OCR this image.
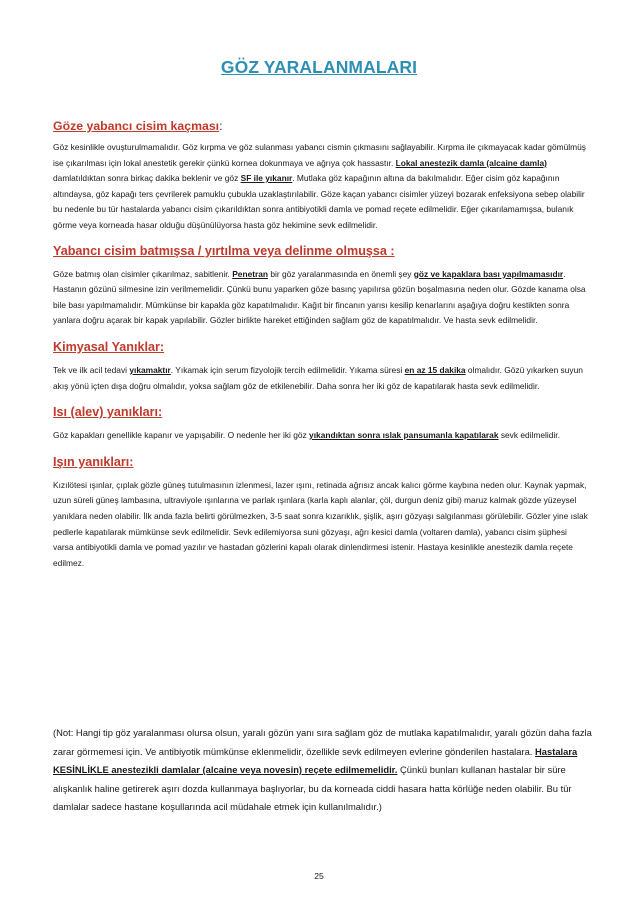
GÖZ YARALANMALARI
Göze yabancı cisim kaçması:

Göz kesinlikle ovuşturulmamalıdır. Göz kırpma ve göz sulanması yabancı cismin çıkmasını sağlayabilir. Kırpma ile çıkmayacak kadar gömülmüş ise çıkarılması için lokal anestetik gerekir çünkü kornea dokunmaya ve ağrıya çok hassastır. Lokal anestezik damla (alcaine damla) damlatıldıktan sonra birkaç dakika beklenir ve göz SF ile yıkanır. Mutlaka göz kapağının altına da bakılmalıdır. Eğer cisim göz kapağının altındaysa, göz kapağı ters çevrilerek pamuklu çubukla uzaklaştırılabilir. Göze kaçan yabancı cisimler yüzeyi bozarak enfeksiyona sebep olabilir bu nedenle bu tür hastalarda yabancı cisim çıkarıldıktan sonra antibiyotikli damla ve pomad reçete edilmelidir. Eğer çıkarılamamışsa, bulanık görme veya korneada hasar olduğu düşünülüyorsa hasta göz hekimine sevk edilmelidir.

Yabancı cisim batmışsa / yırtılma veya delinme olmuşsa :

Göze batmış olan cisimler çıkarılmaz, sabitlenir. Penetran bir göz yaralanmasında en önemli şey göz ve kapaklara bası yapılmamasıdır. Hastanın gözünü silmesine izin verilmemelidir. Çünkü bunu yaparken göze basınç yapılırsa gözün boşalmasına neden olur. Gözde kanama olsa bile bası yapılmamalıdır. Mümkünse bir kapakla göz kapatılmalıdır. Kağıt bir fincanın yarısı kesilip kenarlarını aşağıya doğru kestikten sonra yanlara doğru açarak bir kapak yapılabilir. Gözler birlikte hareket ettiğinden sağlam göz de kapatılmalıdır. Ve hasta sevk edilmelidir.

Kimyasal Yanıklar:

Tek ve ilk acil tedavi yıkamaktır. Yıkamak için serum fizyolojik tercih edilmelidir. Yıkama süresi en az 15 dakika olmalıdır. Gözü yıkarken suyun akış yönü içten dışa doğru olmalıdır, yoksa sağlam göz de etkilenebilir. Daha sonra her iki göz de kapatılarak hasta sevk edilmelidir.

Isı (alev) yanıkları:

Göz kapakları genellikle kapanır ve yapışabilir. O nedenle her iki göz yıkandıktan sonra ıslak pansumanla kapatılarak sevk edilmelidir.

Işın yanıkları:

Kızılötesi ışınlar, çıplak gözle güneş tutulmasının izlenmesi, lazer ışını, retinada ağrısız ancak kalıcı görme kaybına neden olur. Kaynak yapmak, uzun süreli güneş lambasına, ultraviyole ışınlarına ve parlak ışınlara (karla kaplı alanlar, çöl, durgun deniz gibi) maruz kalmak gözde yüzeysel yanıklara neden olabilir. İlk anda fazla belirti görülmezken, 3-5 saat sonra kızarıklık, şişlik, aşırı gözyaşı salgılanması görülebilir. Gözler yine ıslak pedlerle kapatılarak mümkünse sevk edilmelidir. Sevk edilemiyorsa suni gözyaşı, ağrı kesici damla (voltaren damla), yabancı cisim şüphesi varsa antibiyotikli damla ve pomad yazılır ve hastadan gözlerini kapalı olarak dinlendirmesi istenir. Hastaya kesinlikle anestezik damla reçete edilmez.

(Not: Hangi tip göz yaralanması olursa olsun, yaralı gözün yanı sıra sağlam göz de mutlaka kapatılmalıdır, yaralı gözün daha fazla zarar görmemesi için. Ve antibiyotik mümkünse eklenmelidir, özellikle sevk edilmeyen evlerine gönderilen hastalara. Hastalara KESİNLİKLE anestezikli damlalar (alcaine veya novesin) reçete edilmemelidir. Çünkü bunları kullanan hastalar bir süre alışkanlık haline getirerek aşırı dozda kullanmaya başlıyorlar, bu da korneada ciddi hasara hatta körlüğe neden olabilir. Bu tür damlalar sadece hastane koşullarında acil müdahale etmek için kullanılmalıdır.)

25
